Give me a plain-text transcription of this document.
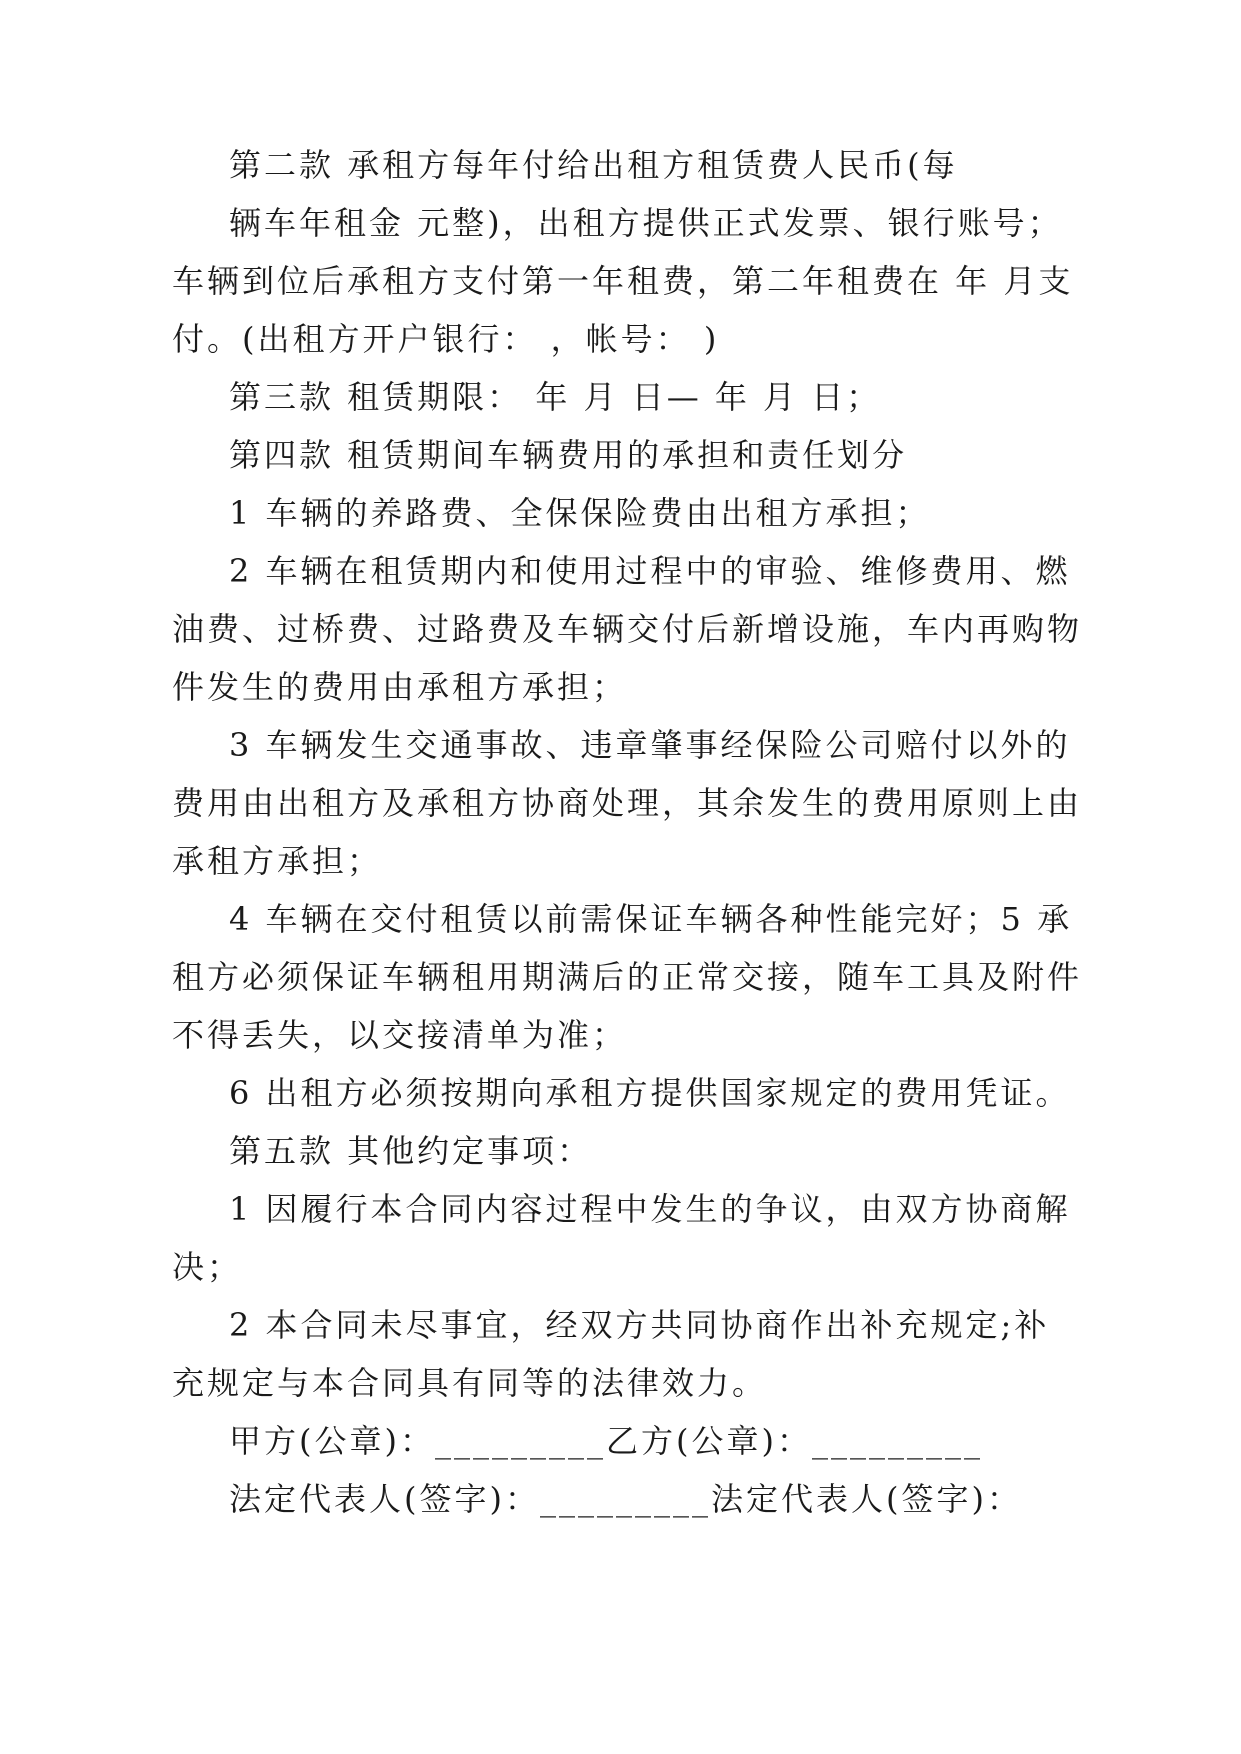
第二款 承租方每年付给出租方租赁费人民币(每
辆车年租金 元整)，出租方提供正式发票、银行账号；
车辆到位后承租方支付第一年租费，第二年租费在 年 月支
付。(出租方开户银行： ，帐号： )
第三款 租赁期限： 年 月 日— 年 月 日；
第四款 租赁期间车辆费用的承担和责任划分
1 车辆的养路费、全保保险费由出租方承担；
2 车辆在租赁期内和使用过程中的审验、维修费用、燃
油费、过桥费、过路费及车辆交付后新增设施，车内再购物
件发生的费用由承租方承担；
3 车辆发生交通事故、违章肇事经保险公司赔付以外的
费用由出租方及承租方协商处理，其余发生的费用原则上由
承租方承担；
4 车辆在交付租赁以前需保证车辆各种性能完好；5 承
租方必须保证车辆租用期满后的正常交接，随车工具及附件
不得丢失，以交接清单为准；
6 出租方必须按期向承租方提供国家规定的费用凭证。
第五款 其他约定事项：
1 因履行本合同内容过程中发生的争议，由双方协商解
决；
2 本合同未尽事宜，经双方共同协商作出补充规定;补
充规定与本合同具有同等的法律效力。
甲方(公章)：_________乙方(公章)：_________
法定代表人(签字)：_________法定代表人(签字)：
